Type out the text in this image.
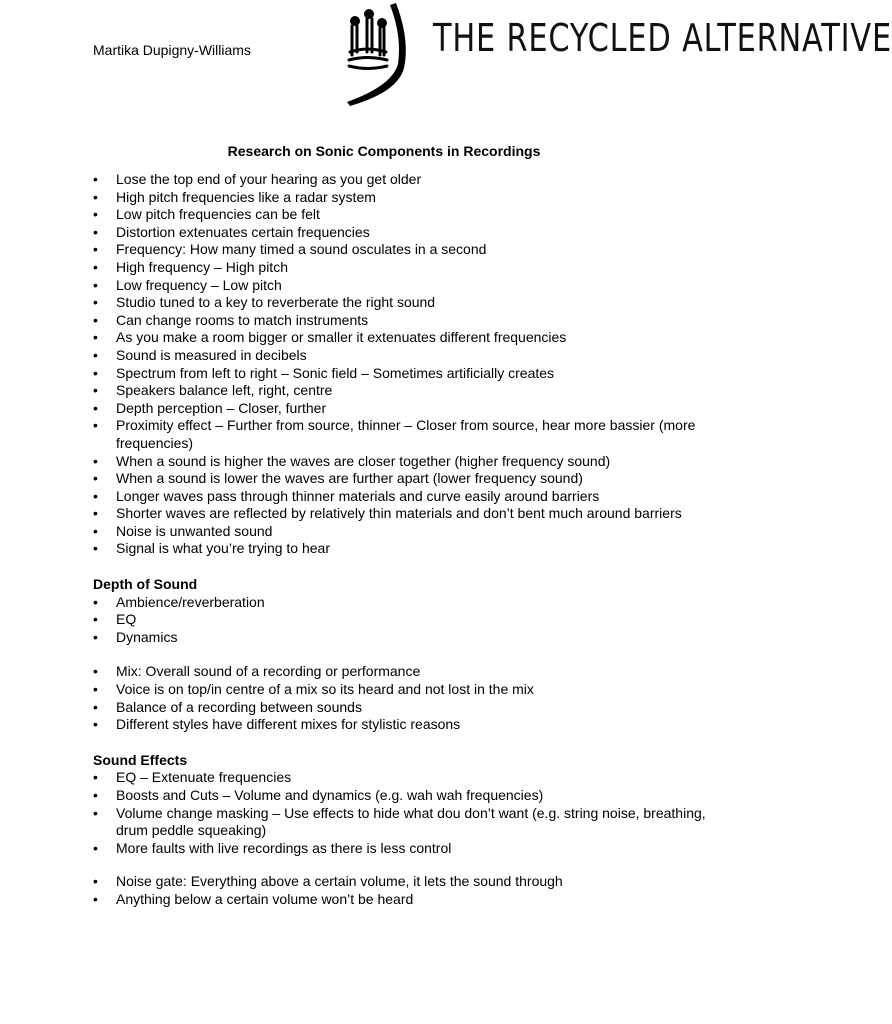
Martika Dupigny-Williams	THE RECYCLED ALTERNATIVE
Research on Sonic Components in Recordings
• Lose the top end of your hearing as you get older
• High pitch frequencies like a radar system
• Low pitch frequencies can be felt
• Distortion extenuates certain frequencies
• Frequency: How many timed a sound osculates in a second
• High frequency – High pitch
• Low frequency – Low pitch
• Studio tuned to a key to reverberate the right sound
• Can change rooms to match instruments
• As you make a room bigger or smaller it extenuates different frequencies
• Sound is measured in decibels
• Spectrum from left to right – Sonic field – Sometimes artificially creates
• Speakers balance left, right, centre
• Depth perception – Closer, further
• Proximity effect – Further from source, thinner – Closer from source, hear more bassier (more frequencies)
• When a sound is higher the waves are closer together (higher frequency sound)
• When a sound is lower the waves are further apart (lower frequency sound)
• Longer waves pass through thinner materials and curve easily around barriers
• Shorter waves are reflected by relatively thin materials and don’t bent much around barriers
• Noise is unwanted sound
• Signal is what you’re trying to hear
Depth of Sound
• Ambience/reverberation
• EQ
• Dynamics
• Mix: Overall sound of a recording or performance
• Voice is on top/in centre of a mix so its heard and not lost in the mix
• Balance of a recording between sounds
• Different styles have different mixes for stylistic reasons
Sound Effects
• EQ – Extenuate frequencies
• Boosts and Cuts – Volume and dynamics (e.g. wah wah frequencies)
• Volume change masking – Use effects to hide what dou don’t want (e.g. string noise, breathing, drum peddle squeaking)
• More faults with live recordings as there is less control
• Noise gate: Everything above a certain volume, it lets the sound through
• Anything below a certain volume won’t be heard
